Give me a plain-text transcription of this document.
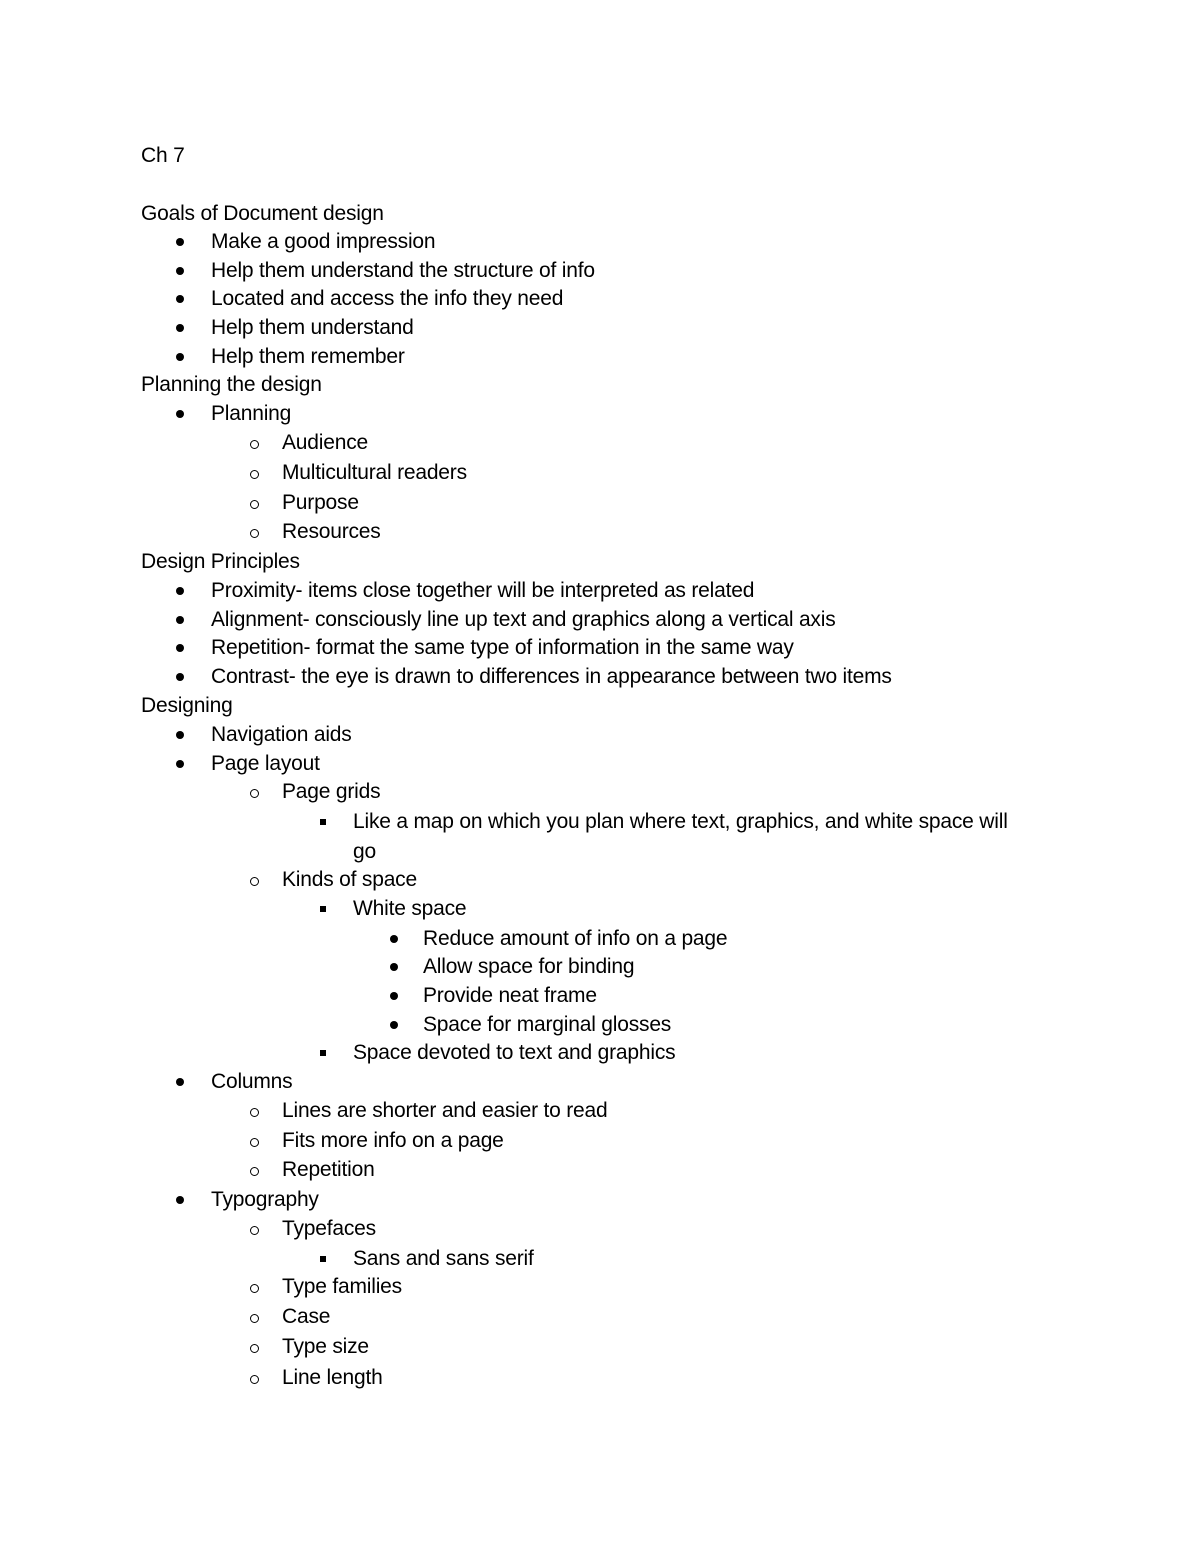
Ch 7
Goals of Document design
Make a good impression
Help them understand the structure of info
Located and access the info they need
Help them understand
Help them remember
Planning the design
Planning
Audience
Multicultural readers
Purpose
Resources
Design Principles
Proximity- items close together will be interpreted as related
Alignment- consciously line up text and graphics along a vertical axis
Repetition- format the same type of information in the same way
Contrast- the eye is drawn to differences in appearance between two items
Designing
Navigation aids
Page layout
Page grids
Like a map on which you plan where text, graphics, and white space will
go
Kinds of space
White space
Reduce amount of info on a page
Allow space for binding
Provide neat frame
Space for marginal glosses
Space devoted to text and graphics
Columns
Lines are shorter and easier to read
Fits more info on a page
Repetition
Typography
Typefaces
Sans and sans serif
Type families
Case
Type size
Line length
